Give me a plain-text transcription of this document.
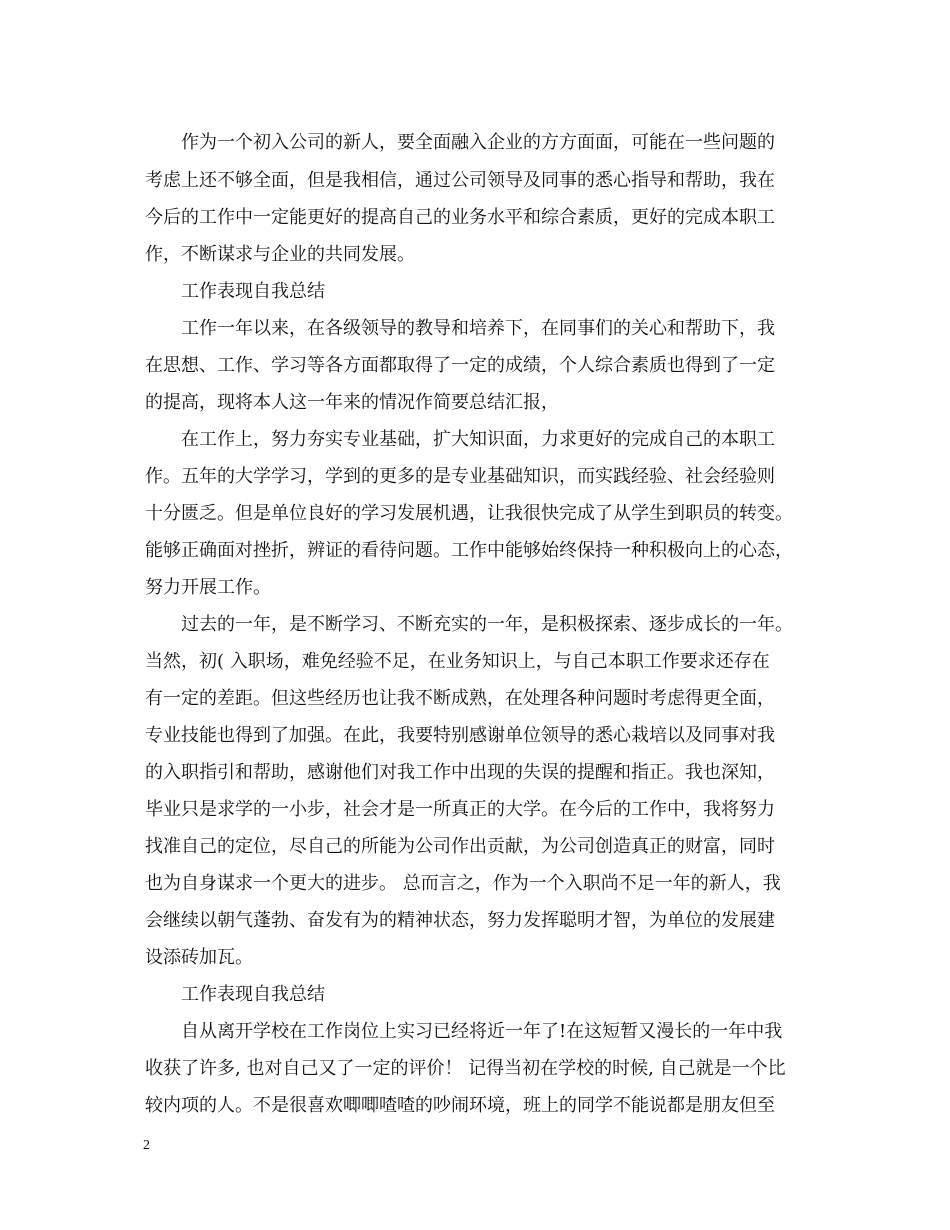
　　作为一个初入公司的新人，要全面融入企业的方方面面，可能在一些问题的
考虑上还不够全面，但是我相信，通过公司领导及同事的悉心指导和帮助，我在
今后的工作中一定能更好的提高自己的业务水平和综合素质，更好的完成本职工
作，不断谋求与企业的共同发展。
　　工作表现自我总结
　　工作一年以来，在各级领导的教导和培养下，在同事们的关心和帮助下，我
在思想、工作、学习等各方面都取得了一定的成绩，个人综合素质也得到了一定
的提高，现将本人这一年来的情况作简要总结汇报，
　　在工作上，努力夯实专业基础，扩大知识面，力求更好的完成自己的本职工
作。五年的大学学习，学到的更多的是专业基础知识，而实践经验、社会经验则
十分匮乏。但是单位良好的学习发展机遇，让我很快完成了从学生到职员的转变。
能够正确面对挫折，辨证的看待问题。工作中能够始终保持一种积极向上的心态，
努力开展工作。
　　过去的一年，是不断学习、不断充实的一年，是积极探索、逐步成长的一年。
当然，初( 入职场，难免经验不足，在业务知识上，与自己本职工作要求还存在
有一定的差距。但这些经历也让我不断成熟，在处理各种问题时考虑得更全面，
专业技能也得到了加强。在此，我要特别感谢单位领导的悉心栽培以及同事对我
的入职指引和帮助，感谢他们对我工作中出现的失误的提醒和指正。我也深知，
毕业只是求学的一小步，社会才是一所真正的大学。在今后的工作中，我将努力
找准自己的定位，尽自己的所能为公司作出贡献，为公司创造真正的财富，同时
也为自身谋求一个更大的进步。 总而言之，作为一个入职尚不足一年的新人，我
会继续以朝气蓬勃、奋发有为的精神状态，努力发挥聪明才智，为单位的发展建
设添砖加瓦。
　　工作表现自我总结
　　自从离开学校在工作岗位上实习已经将近一年了!在这短暂又漫长的一年中我
收获了许多, 也对自己又了一定的评价！ 记得当初在学校的时候, 自己就是一个比
较内项的人。不是很喜欢唧唧喳喳的吵闹环境，班上的同学不能说都是朋友但至
2
